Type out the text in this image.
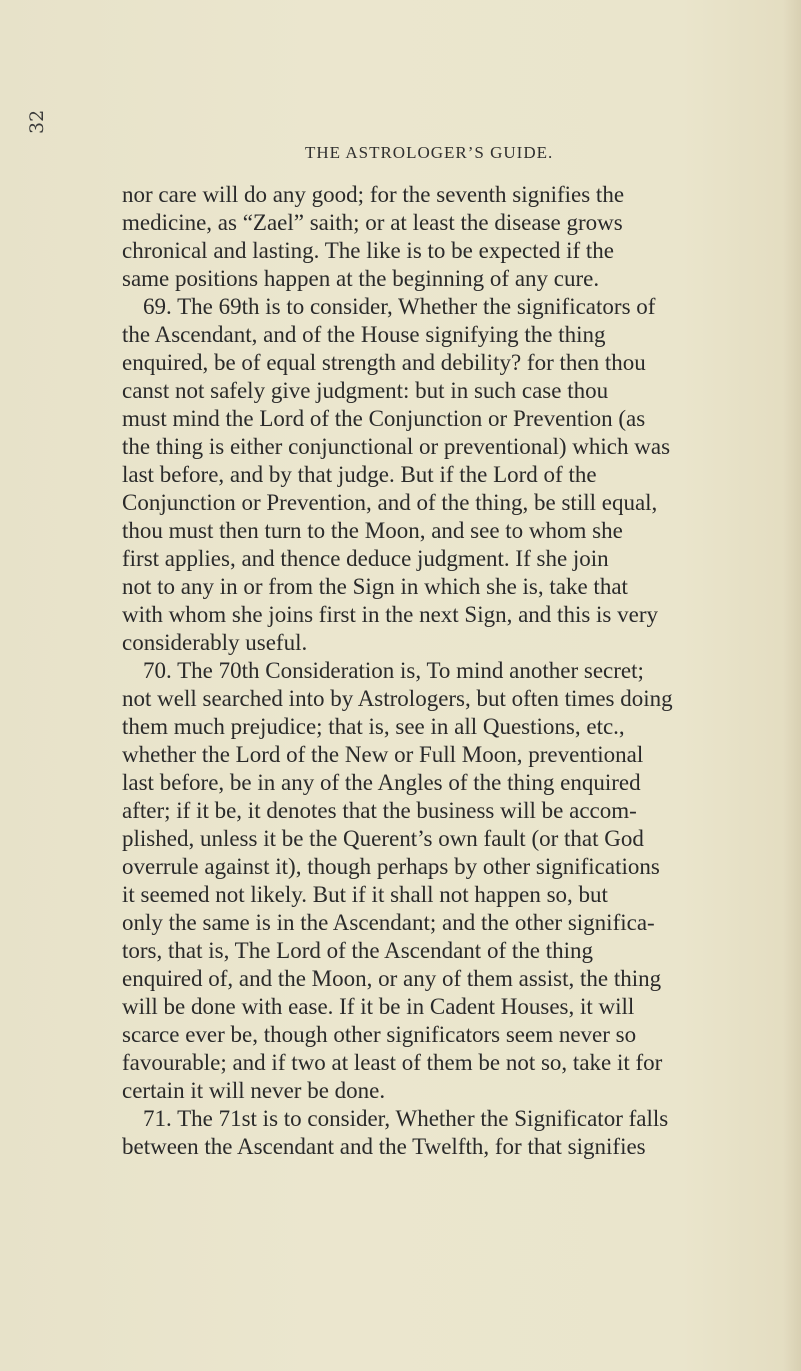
32
THE ASTROLOGER’S GUIDE.
nor care will do any good; for the seventh signifies the
medicine, as “Zael” saith; or at least the disease grows
chronical and lasting. The like is to be expected if the
same positions happen at the beginning of any cure.
69. The 69th is to consider, Whether the significators of
the Ascendant, and of the House signifying the thing
enquired, be of equal strength and debility? for then thou
canst not safely give judgment: but in such case thou
must mind the Lord of the Conjunction or Prevention (as
the thing is either conjunctional or preventional) which was
last before, and by that judge. But if the Lord of the
Conjunction or Prevention, and of the thing, be still equal,
thou must then turn to the Moon, and see to whom she
first applies, and thence deduce judgment. If she join
not to any in or from the Sign in which she is, take that
with whom she joins first in the next Sign, and this is very
considerably useful.
70. The 70th Consideration is, To mind another secret;
not well searched into by Astrologers, but often times doing
them much prejudice; that is, see in all Questions, etc.,
whether the Lord of the New or Full Moon, preventional
last before, be in any of the Angles of the thing enquired
after; if it be, it denotes that the business will be accom-
plished, unless it be the Querent’s own fault (or that God
overrule against it), though perhaps by other significations
it seemed not likely. But if it shall not happen so, but
only the same is in the Ascendant; and the other significa-
tors, that is, The Lord of the Ascendant of the thing
enquired of, and the Moon, or any of them assist, the thing
will be done with ease. If it be in Cadent Houses, it will
scarce ever be, though other significators seem never so
favourable; and if two at least of them be not so, take it for
certain it will never be done.
71. The 71st is to consider, Whether the Significator falls
between the Ascendant and the Twelfth, for that signifies
